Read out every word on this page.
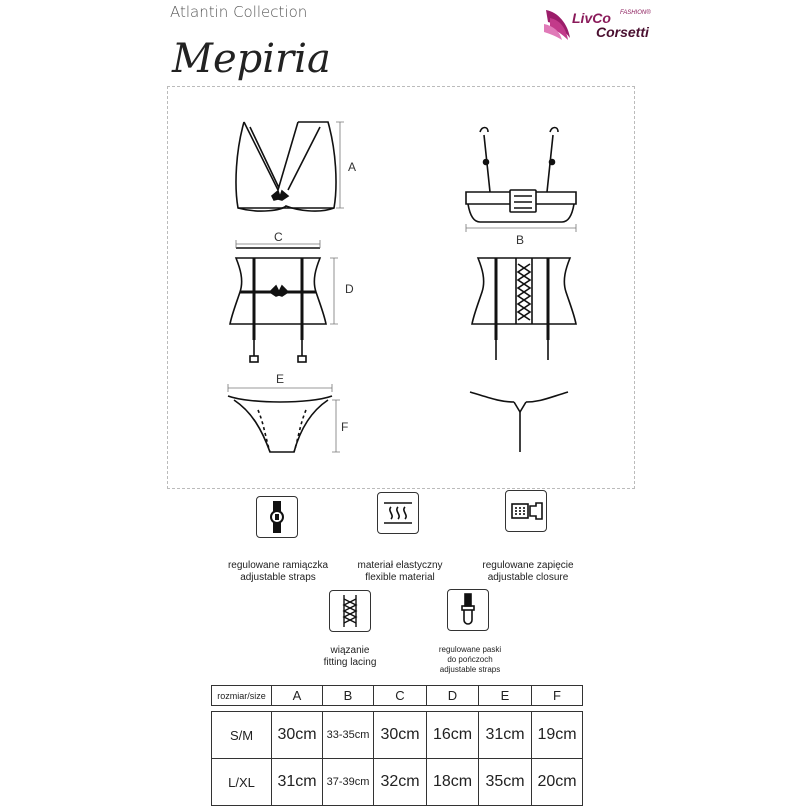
Atlantin Collection	LivCo FASHION®
Corsetti
Mepiria
A
B
C
D
E
F
regulowane ramiączka
adjustable straps
materiał elastyczny
flexible material
regulowane zapięcie
adjustable closure
wiązanie
fitting lacing
regulowane paski
do pończoch
adjustable straps
rozmiar/size	A	B	C	D	E	F

S/M	30cm	33-35cm	30cm	16cm	31cm	19cm
L/XL	31cm	37-39cm	32cm	18cm	35cm	20cm
